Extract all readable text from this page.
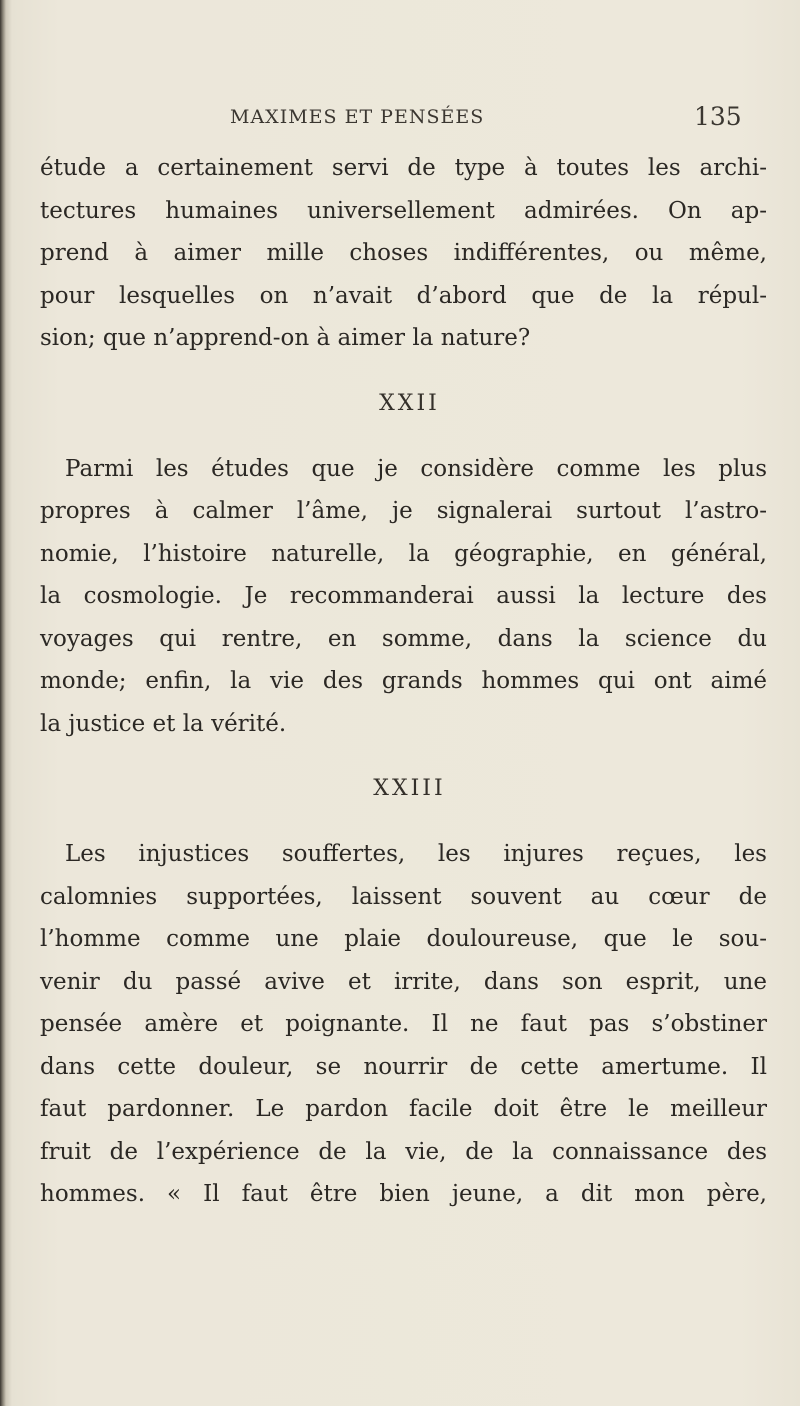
MAXIMES ET PENSÉES	135
étude a certainement servi de type à toutes les archi-
tectures humaines universellement admirées. On ap-
prend à aimer mille choses indifférentes, ou même,
pour lesquelles on n’avait d’abord que de la répul-
sion; que n’apprend-on à aimer la nature?
XXII
Parmi les études que je considère comme les plus
propres à calmer l’âme, je signalerai surtout l’astro-
nomie, l’histoire naturelle, la géographie, en général,
la cosmologie. Je recommanderai aussi la lecture des
voyages qui rentre, en somme, dans la science du
monde; enfin, la vie des grands hommes qui ont aimé
la justice et la vérité.
XXIII
Les injustices souffertes, les injures reçues, les
calomnies supportées, laissent souvent au cœur de
l’homme comme une plaie douloureuse, que le sou-
venir du passé avive et irrite, dans son esprit, une
pensée amère et poignante. Il ne faut pas s’obstiner
dans cette douleur, se nourrir de cette amertume. Il
faut pardonner. Le pardon facile doit être le meilleur
fruit de l’expérience de la vie, de la connaissance des
hommes. « Il faut être bien jeune, a dit mon père,
